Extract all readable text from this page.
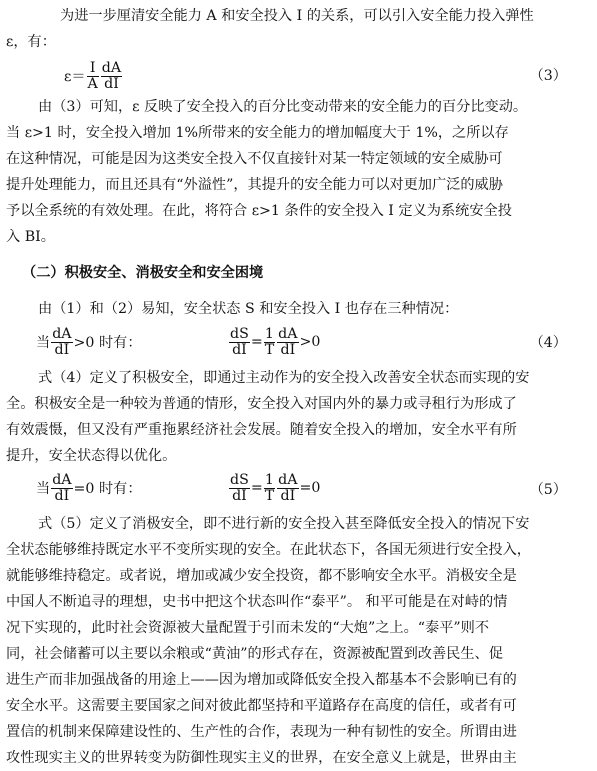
为进一步厘清安全能力 A 和安全投入 I 的关系，可以引入安全能力投入弹性
ε，有：
$\varepsilon= \frac{I}{A} \frac{dA}{dI}$	（3）
由（3）可知，ε 反映了安全投入的百分比变动带来的安全能力的百分比变动。
当 ε>1 时，安全投入增加 1%所带来的安全能力的增加幅度大于 1%，之所以存
在这种情况，可能是因为这类安全投入不仅直接针对某一特定领域的安全威胁可
提升处理能力，而且还具有“外溢性”，其提升的安全能力可以对更加广泛的威胁
予以全系统的有效处理。在此，将符合 ε>1 条件的安全投入 I 定义为系统安全投
入 BI。
（二）积极安全、消极安全和安全困境
由（1）和（2）易知，安全状态 S 和安全投入 I 也存在三种情况：
当 $\frac{dA}{dI} >0$ 时有：	$\frac{dS}{dI} = \frac{1}{T} \frac{dA}{dI} >0$	（4）
式（4）定义了积极安全，即通过主动作为的安全投入改善安全状态而实现的安
全。积极安全是一种较为普通的情形，安全投入对国内外的暴力或寻租行为形成了
有效震慑，但又没有严重拖累经济社会发展。随着安全投入的增加，安全水平有所
提升，安全状态得以优化。
当 $\frac{dA}{dI} =0$ 时有：	$\frac{dS}{dI} = \frac{1}{T} \frac{dA}{dI} =0$	（5）
式（5）定义了消极安全，即不进行新的安全投入甚至降低安全投入的情况下安
全状态能够维持既定水平不变所实现的安全。在此状态下，各国无须进行安全投入，
就能够维持稳定。或者说，增加或减少安全投资，都不影响安全水平。消极安全是
中国人不断追寻的理想，史书中把这个状态叫作“泰平”。 和平可能是在对峙的情
况下实现的，此时社会资源被大量配置于引而未发的“大炮”之上。“泰平”则不
同，社会储蓄可以主要以余粮或“黄油”的形式存在，资源被配置到改善民生、促
进生产而非加强战备的用途上——因为增加或降低安全投入都基本不会影响已有的
安全水平。这需要主要国家之间对彼此都坚持和平道路存在高度的信任，或者有可
置信的机制来保障建设性的、生产性的合作，表现为一种有韧性的安全。所谓由进
攻性现实主义的世界转变为防御性现实主义的世界，在安全意义上就是，世界由主
